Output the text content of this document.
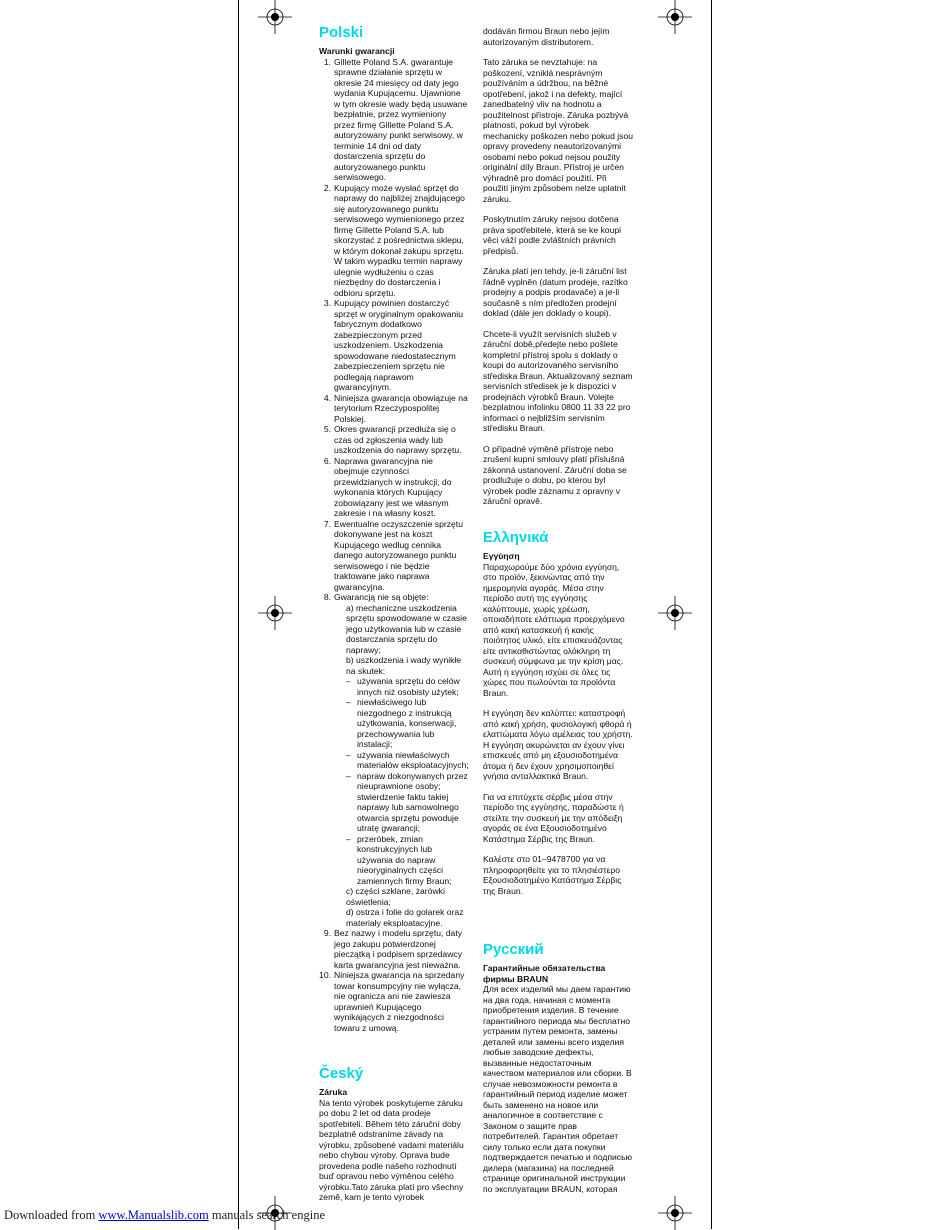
Polski

Warunki gwarancji

1. Gillette Poland S.A. gwarantuje sprawne działanie sprzętu w okresie 24 miesięcy od daty jego wydania Kupującemu. Ujawnione w tym okresie wady będą usuwane bezpłatnie, przez wymieniony przez firmę Gillette Poland S.A. autoryzowany punkt serwisowy, w terminie 14 dni od daty dostarczenia sprzętu do autoryzowanego punktu serwisowego.
2. Kupujący może wysłać sprzęt do naprawy do najbliżej znajdującego się autoryzowanego punktu serwisowego wymienionego przez firmę Gillette Poland S.A. lub skorzystać z pośrednictwa sklepu, w którym dokonał zakupu sprzętu. W takim wypadku termin naprawy ulegnie wydłużeniu o czas niezbędny do dostarczenia i odbioru sprzętu.
3. Kupujący powinien dostarczyć sprzęt w oryginalnym opakowaniu fabrycznym dodatkowo zabezpieczonym przed uszkodzeniem. Uszkodzenia spowodowane niedostatecznym zabezpieczeniem sprzętu nie podlegają naprawom gwarancyjnym.
4. Niniejsza gwarancja obowiązuje na terytorium Rzeczypospolitej Polskiej.
5. Okres gwarancji przedłuża się o czas od zgłoszenia wady lub uszkodzenia do naprawy sprzętu.
6. Naprawa gwarancyjna nie obejmuje czynności przewidzianych w instrukcji, do wykonania których Kupujący zobowiązany jest we własnym zakresie i na własny koszt.
7. Ewentualne oczyszczenie sprzętu dokonywane jest na koszt Kupującego według cennika danego autoryzowanego punktu serwisowego i nie będzie traktowane jako naprawa gwarancyjna.
8. Gwarancją nie są objęte:
a) mechaniczne uszkodzenia sprzętu spowodowane w czasie jego użytkowania lub w czasie dostarczania sprzętu do naprawy;
b) uszkodzenia i wady wynikłe na skutek:
– używania sprzętu do celów innych niż osobisty użytek;
– niewłaściwego lub niezgodnego z instrukcją użytkowania, konserwacji, przechowywania lub instalacji;
– używania niewłaściwych materiałów eksploatacyjnych;
– napraw dokonywanych przez nieuprawnione osoby; stwierdzenie faktu takiej naprawy lub samowolnego otwarcia sprzętu powoduje utratę gwarancji;
– przeróbek, zmian konstrukcyjnych lub używania do napraw nieoryginalnych części zamiennych firmy Braun;
c) części szklane, żarówki oświetlenia;
d) ostrza i folie do golarek oraz materiały eksploatacyjne.
9. Bez nazwy i modelu sprzętu, daty jego zakupu potwierdzonej pieczątką i podpisem sprzedawcy karta gwarancyjna jest nieważna.
10. Niniejsza gwarancja na sprzedany towar konsumpcyjny nie wyłącza, nie ogranicza ani nie zawiesza uprawnień Kupującego wynikających z niezgodności towaru z umową.
Český

Záruka

Na tento výrobek poskytujeme záruku po dobu 2 let od data prodeje spotřebiteli. Během této záruční doby bezplatně odstraníme závady na výrobku, způsobené vadami materiálu nebo chybou výroby. Oprava bude provedena podle našeho rozhodnutí buď opravou nebo výměnou celého výrobku.Tato záruka platí pro všechny země, kam je tento výrobek

dodáván firmou Braun nebo jejím autorizovaným distributorem.

Tato záruka se nevztahuje: na poškození, vzniklá nesprávným používáním a údržbou, na běžné opotřebení, jakož i na defekty, mající zanedbatelný vliv na hodnotu a použitelnost přístroje. Záruka pozbývá platnosti, pokud byl výrobek mechanicky poškozen nebo pokud jsou opravy provedeny neautorizovanými osobami nebo pokud nejsou použity originální díly Braun. Přístroj je určen výhradně pro domácí použití. Při použití jiným způsobem nelze uplatnit záruku.

Poskytnutím záruky nejsou dotčena práva spotřebitele, která se ke koupi věci váží podle zvláštních právních předpisů.

Záruka platí jen tehdy, je-li záruční list řádně vyplněn (datum prodeje, razítko prodejny a podpis prodavače) a je-li současně s ním předložen prodejní doklad (dále jen doklady o koupi).

Chcete-li využít servisních služeb v záruční době,předejte nebo pošlete kompletní přístroj spolu s doklady o koupi do autorizovaného servisního střediska Braun. Aktualizovaný seznam servisních středisek je k dispozici v prodejnách výrobků Braun. Volejte bezplatnou infolinku 0800 11 33 22 pro informaci o nejbližším servisním středisku Braun.

O případné výměně přístroje nebo zrušení kupní smlouvy platí příslušná zákonná ustanovení. Záruční doba se prodlužuje o dobu, po kterou byl výrobek podle záznamu z opravny v záruční opravě.

Ελληνικά

Εγγύηση

Παραχωρούμε δύο χρόνια εγγύηση, στο προϊόν, ξεκινώντας από την ημερομηνία αγοράς. Μέσα στην περίοδο αυτή της εγγύησης καλύπτουμε, χωρίς χρέωση, οποιαδήποτε ελάττωμα προερχόμενο από κακή κατασκευή ή κακής ποιότητος υλικό, είτε επισκευάζοντας είτε αντικαθιστώντας ολόκληρη τη συσκευή σύμφωνα με την κρίση μας. Αυτή η εγγύηση ισχύει σε όλες τις χώρες που πωλούνται τα προϊόντα Braun.

Η εγγύηση δεν καλύπτει: καταστροφή από κακή χρήση, φυσιολογική φθορά ή ελαττώματα λόγω αμέλειας του χρήστη. Η εγγύηση ακυρώνεται αν έχουν γίνει επισκευές από μη εξουσιοδοτημένα άτομα ή δεν έχουν χρησιμοποιηθεί γνήσια ανταλλακτικά Braun.

Για να επιτύχετε σέρβις μέσα στην περίοδο της εγγύησης, παραδώστε ή στείλτε την συσκευή με την απόδειξη αγοράς σε ένα Εξουσιοδοτημένο Κατάστημα Σέρβις της Braun.

Καλέστε στο 01–9478700 για να πληροφορηθείτε για το πλησιέστερο Εξουσιοδοτημένο Κατάστημα Σέρβις της Braun.

Русский

Гарантийные обязательства фирмы BRAUN

Для всех изделий мы даем гарантию на два года, начиная с момента приобретения изделия. В течение гарантийного периода мы бесплатно устраним путем ремонта, замены деталей или замены всего изделия любые заводские дефекты, вызванные недостаточным качеством материалов или сборки. В случае невозможности ремонта в гарантийный период изделие может быть заменено на новое или аналогичное в соответствие с Законом о защите прав потребителей. Гарантия обретает силу только если дата покупки подтверждается печатью и подписью дилера (магазина) на последней странице оригинальной инструкции по эксплуатации BRAUN, которая

Downloaded from www.Manualslib.com manuals search engine
